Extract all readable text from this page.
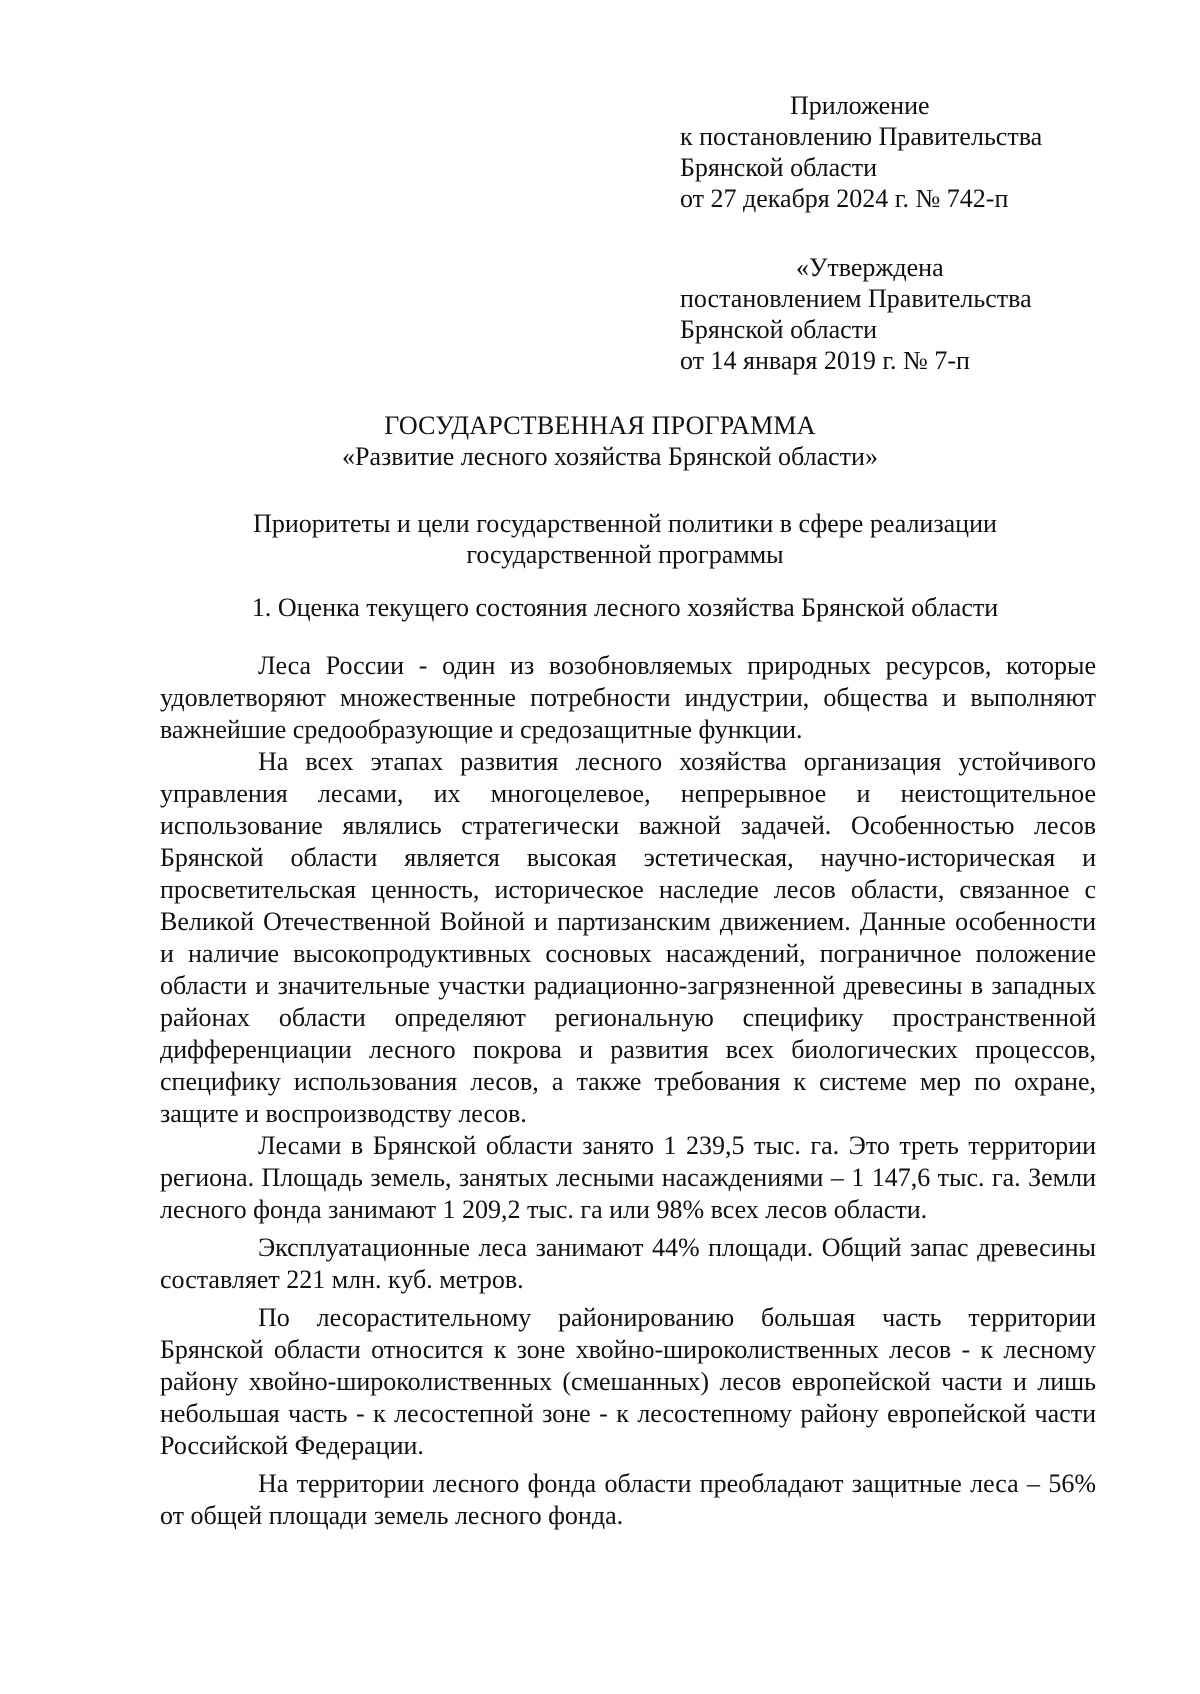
Приложение
к постановлению Правительства
Брянской области
от 27 декабря 2024 г. № 742-п
«Утверждена
постановлением Правительства
Брянской области
от 14 января 2019 г. № 7-п
ГОСУДАРСТВЕННАЯ ПРОГРАММА
«Развитие лесного хозяйства Брянской области»
Приоритеты и цели государственной политики в сфере реализации государственной программы
1. Оценка текущего состояния лесного хозяйства Брянской области

Леса России - один из возобновляемых природных ресурсов, которые удовлетворяют множественные потребности индустрии, общества и выполняют важнейшие средообразующие и средозащитные функции.

На всех этапах развития лесного хозяйства организация устойчивого управления лесами, их многоцелевое, непрерывное и неистощительное использование являлись стратегически важной задачей. Особенностью лесов Брянской области является высокая эстетическая, научно-историческая и просветительская ценность, историческое наследие лесов области, связанное с Великой Отечественной Войной и партизанским движением. Данные особенности и наличие высокопродуктивных сосновых насаждений, пограничное положение области и значительные участки радиационно-загрязненной древесины в западных районах области определяют региональную специфику пространственной дифференциации лесного покрова и развития всех биологических процессов, специфику использования лесов, а также требования к системе мер по охране, защите и воспроизводству лесов.

Лесами в Брянской области занято 1 239,5 тыс. га. Это треть территории региона. Площадь земель, занятых лесными насаждениями – 1 147,6 тыс. га. Земли лесного фонда занимают 1 209,2 тыс. га или 98% всех лесов области.

Эксплуатационные леса занимают 44% площади. Общий запас древесины составляет 221 млн. куб. метров.

По лесорастительному районированию большая часть территории Брянской области относится к зоне хвойно-широколиственных лесов - к лесному району хвойно-широколиственных (смешанных) лесов европейской части и лишь небольшая часть - к лесостепной зоне - к лесостепному району европейской части Российской Федерации.

На территории лесного фонда области преобладают защитные леса – 56% от общей площади земель лесного фонда.
